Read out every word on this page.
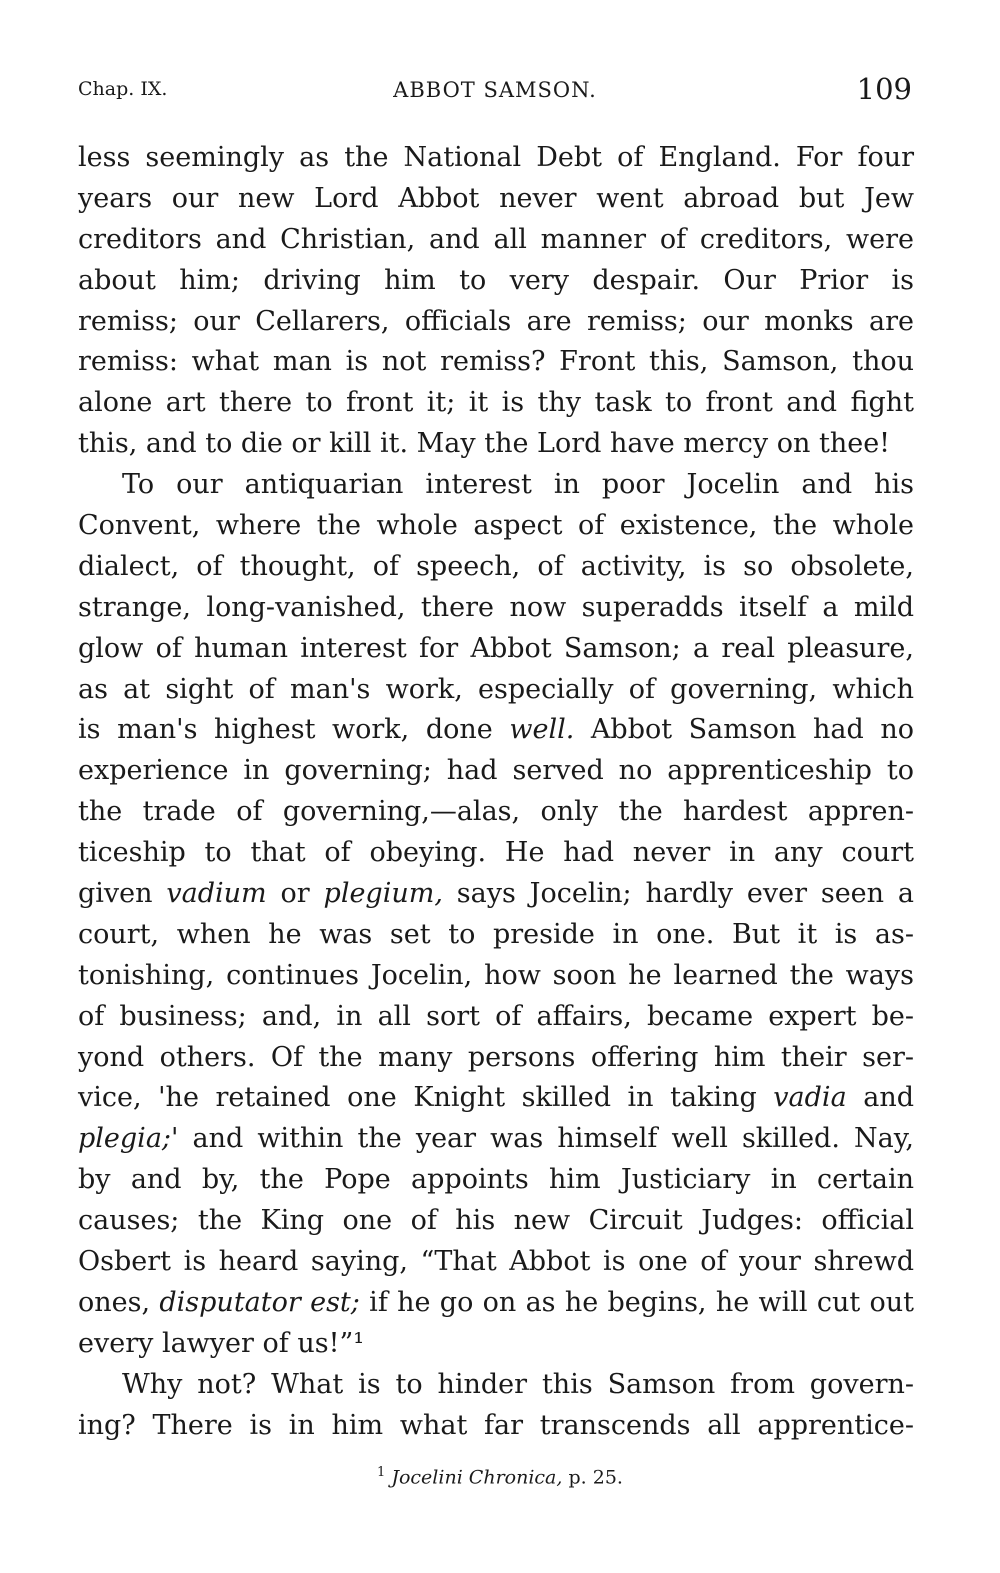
Chap. IX.	ABBOT SAMSON.	109
less seemingly as the National Debt of England. For four
years our new Lord Abbot never went abroad but Jew
creditors and Christian, and all manner of creditors, were
about him; driving him to very despair. Our Prior is
remiss; our Cellarers, officials are remiss; our monks are
remiss: what man is not remiss? Front this, Samson, thou
alone art there to front it; it is thy task to front and fight
this, and to die or kill it. May the Lord have mercy on thee!
To our antiquarian interest in poor Jocelin and his
Convent, where the whole aspect of existence, the whole
dialect, of thought, of speech, of activity, is so obsolete,
strange, long-vanished, there now superadds itself a mild
glow of human interest for Abbot Samson; a real pleasure,
as at sight of man's work, especially of governing, which
is man's highest work, done well. Abbot Samson had no
experience in governing; had served no apprenticeship to
the trade of governing,—alas, only the hardest appren-
ticeship to that of obeying. He had never in any court
given vadium or plegium, says Jocelin; hardly ever seen a
court, when he was set to preside in one. But it is as-
tonishing, continues Jocelin, how soon he learned the ways
of business; and, in all sort of affairs, became expert be-
yond others. Of the many persons offering him their ser-
vice, 'he retained one Knight skilled in taking vadia and
plegia;' and within the year was himself well skilled. Nay,
by and by, the Pope appoints him Justiciary in certain
causes; the King one of his new Circuit Judges: official
Osbert is heard saying, “That Abbot is one of your shrewd
ones, disputator est; if he go on as he begins, he will cut out
every lawyer of us!”¹
Why not? What is to hinder this Samson from govern-
ing? There is in him what far transcends all apprentice-
$^1$ Jocelini Chronica, p. 25.
